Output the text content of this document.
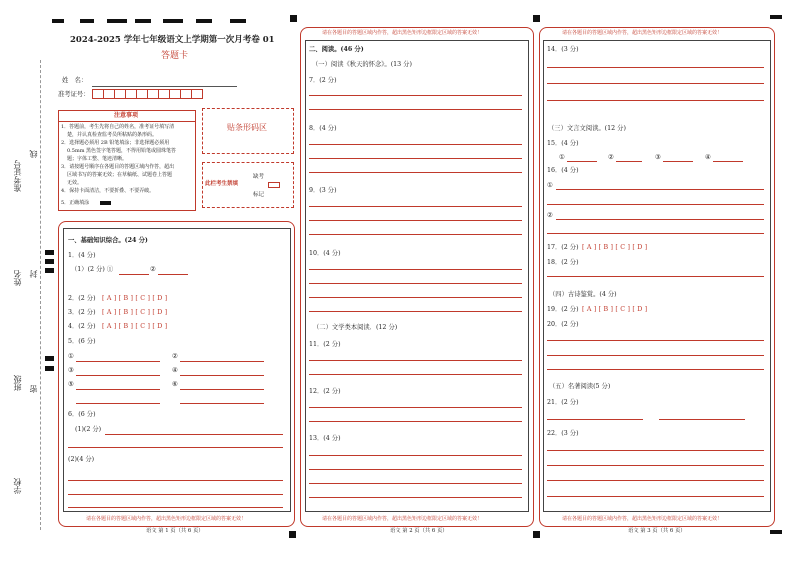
准考证号
线
姓名 封
班级 密
学校
2024-2025 学年七年级语文上学期第一次月考卷 01
答题卡
姓　名：
准考证号：
注意事项
1．答题前，考生先将自己的姓名，准考证号填写清
楚，并认真检查监考员所粘贴的条形码。
2．选择题必须用 2B 铅笔填涂；非选择题必须用
0.5mm 黑色签字笔答题，不得用铅笔或圆珠笔答
题；字体工整、笔迹清晰。
3．请按题号顺序在各题目的答题区域内作答，超出
区域书写的答案无效；在草稿纸、试题卷上答题
无效。
4．保持卡面清洁，不要折叠、不要弄破。
5．正确填涂
贴条形码区
此栏考生禁填
缺考
标记
一、基础知识综合。(24 分)
1．(4 分)
（1）(2 分) ①	②
2．(2 分) [ A ] [ B ] [ C ] [ D ]
3．(2 分) [ A ] [ B ] [ C ] [ D ]
4．(2 分) [ A ] [ B ] [ C ] [ D ]
5．(6 分)
①	②
③	④
⑤	⑥
6．(6 分)
(1)(2 分)
(2)(4 分)
请在各题目的答题区域内作答，超出黑色矩形边框限定区域的答案无效！
语文 第 1 页（共 6 页）
请在各题目的答题区域内作答，超出黑色矩形边框限定区域的答案无效！
二、阅读。(46 分)
（一）阅读《秋天的怀念》。(13 分)
7．(2 分)
8．(4 分)
9．(3 分)
10．(4 分)
（二）文学类本阅读．(12 分)
11．(2 分)
12．(2 分)
13．(4 分)
请在各题目的答题区域内作答，超出黑色矩形边框限定区域的答案无效！
语文 第 2 页（共 6 页）
请在各题目的答题区域内作答，超出黑色矩形边框限定区域的答案无效！
14．(3 分)
（三）文言文阅读。(12 分)
15．(4 分)
①	②	③	④
16．(4 分)
①
②
17．(2 分) [ A ] [ B ] [ C ] [ D ]
18．(2 分)
（四）古诗鉴赏。(4 分)
19．(2 分) [ A ] [ B ] [ C ] [ D ]
20．(2 分)
（五）名著阅读(5 分)
21．(2 分)
22．(3 分)
请在各题目的答题区域内作答，超出黑色矩形边框限定区域的答案无效！
语文 第 3 页（共 6 页）
